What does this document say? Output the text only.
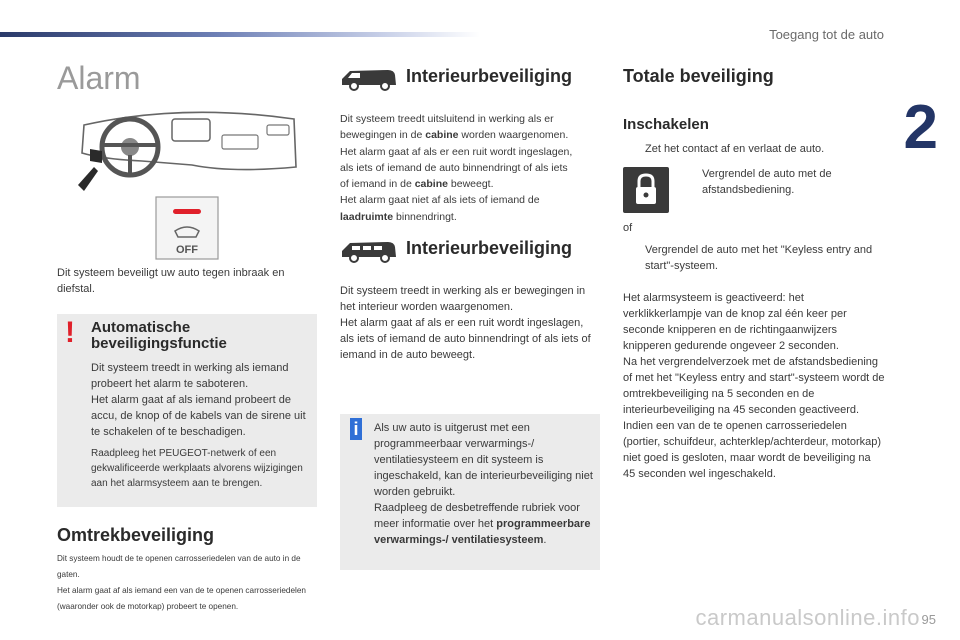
Toegang tot de auto
2
Alarm
OFF

Dit systeem beveiligt uw auto tegen inbraak en diefstal.

! Automatische
beveiligingsfunctie

Dit systeem treedt in werking als iemand probeert het alarm te saboteren.

Het alarm gaat af als iemand probeert de accu, de knop of de kabels van de sirene uit te schakelen of te beschadigen.

Raadpleeg het PEUGEOT-netwerk of een gekwalificeerde werkplaats alvorens wijzigingen aan het alarmsysteem aan te brengen.

Omtrekbeveiliging

Dit systeem houdt de te openen carrosseriedelen van de auto in de gaten.

Het alarm gaat af als iemand een van de te openen carrosseriedelen (waaronder ook de motorkap) probeert te openen.

Interieurbeveiliging
Dit systeem treedt uitsluitend in werking als er
bewegingen in de cabine worden waargenomen.
Het alarm gaat af als er een ruit wordt ingeslagen,
als iets of iemand de auto binnendringt of als iets
of iemand in de cabine beweegt.
Het alarm gaat niet af als iets of iemand de
laadruimte binnendringt.
Interieurbeveiliging

Dit systeem treedt in werking als er bewegingen in het interieur worden waargenomen.

Het alarm gaat af als er een ruit wordt ingeslagen, als iets of iemand de auto binnendringt of als iets of iemand in de auto beweegt.

i	Als uw auto is uitgerust met een programmeerbaar verwarmings-/ ventilatiesysteem en dit systeem is ingeschakeld, kan de interieurbeveiliging niet worden gebruikt.

Raadpleeg de desbetreffende rubriek voor meer informatie over het programmeerbare verwarmings-/ ventilatiesysteem.

Totale beveiliging
Inschakelen
Zet het contact af en verlaat de auto.
Vergrendel de auto met de afstandsbediening.
of
Vergrendel de auto met het "Keyless entry and start"-systeem.

Het alarmsysteem is geactiveerd: het verklikkerlampje van de knop zal één keer per seconde knipperen en de richtingaanwijzers knipperen gedurende ongeveer 2 seconden.

Na het vergrendelverzoek met de afstandsbediening of met het "Keyless entry and start"-systeem wordt de omtrekbeveiliging na 5 seconden en de interieurbeveiliging na 45 seconden geactiveerd.

Indien een van de te openen carrosseriedelen (portier, schuifdeur, achterklep/achterdeur, motorkap) niet goed is gesloten, maar wordt de beveiliging na 45 seconden wel ingeschakeld.

carmanualsonline.info 95
